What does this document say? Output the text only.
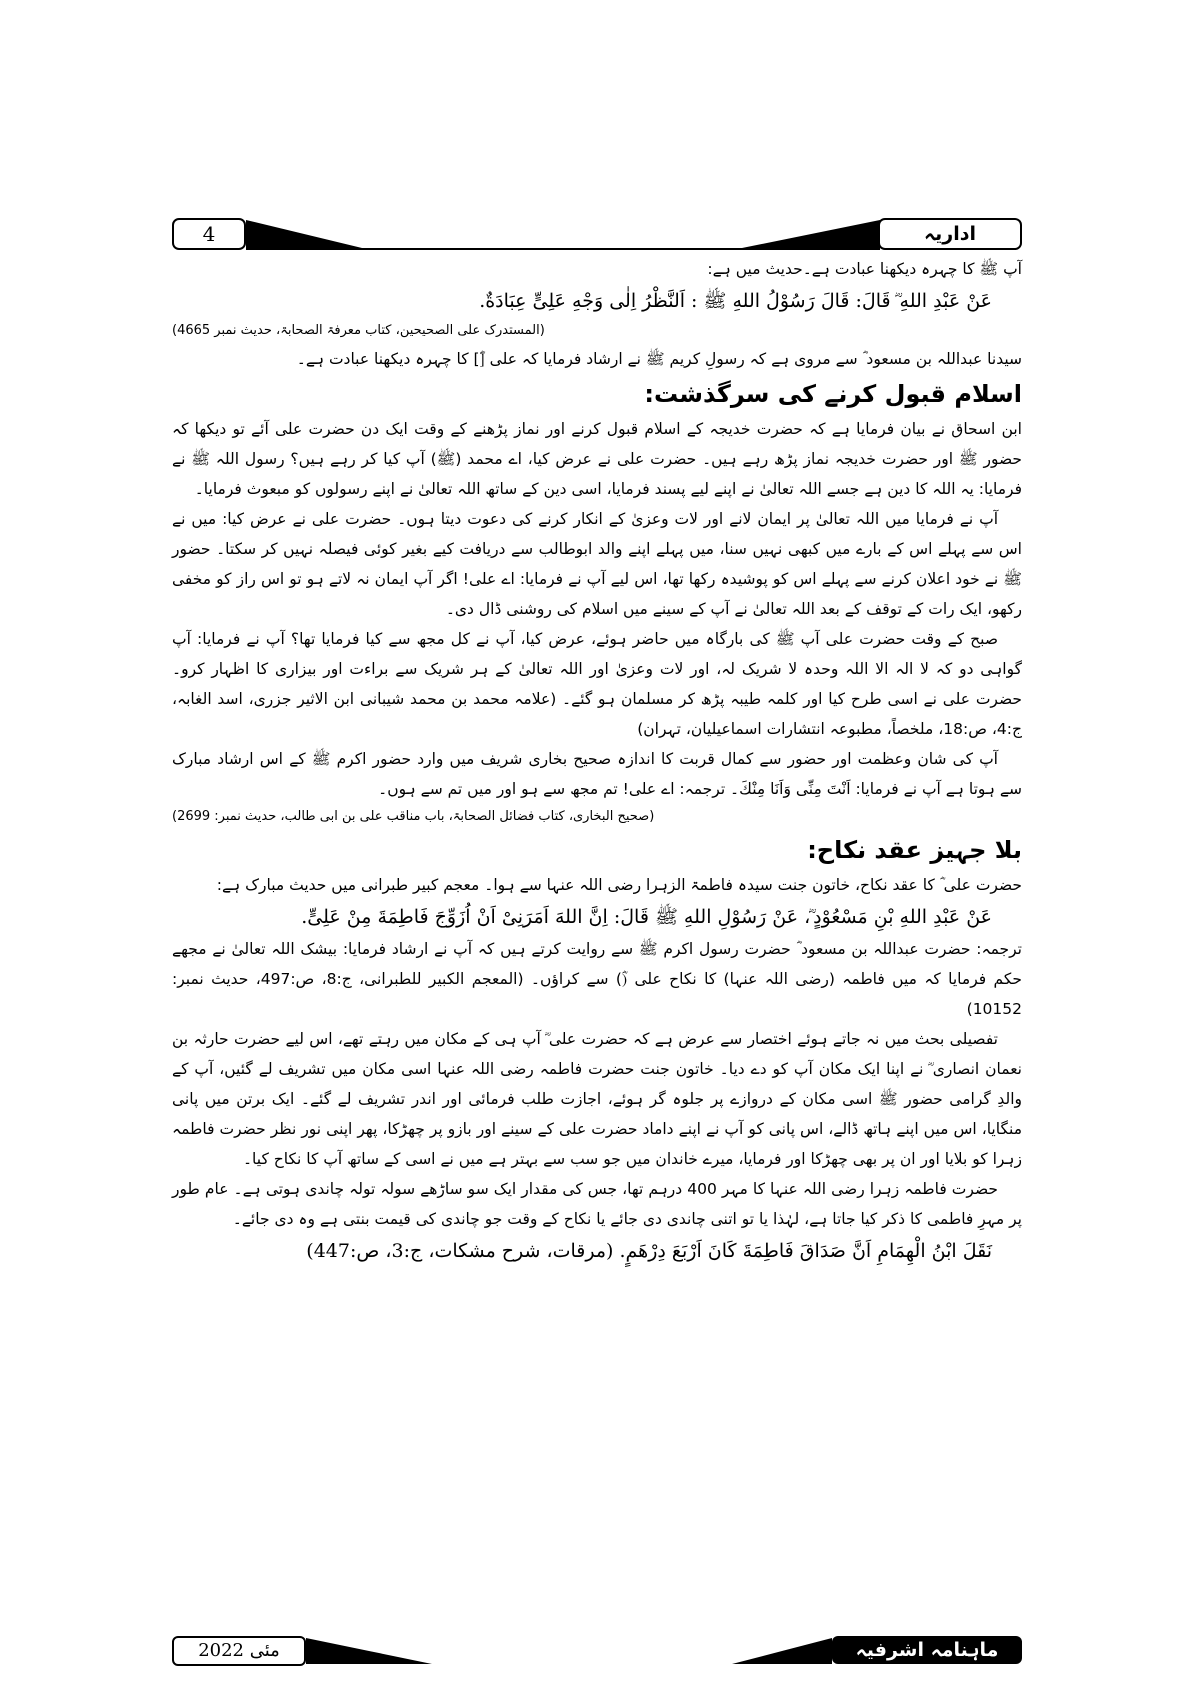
4	اداریہ

آپ ﷺ کا چہرہ دیکھنا عبادت ہے۔حدیث میں ہے:

عَنْ عَبْدِ اللهِ ؓ قَالَ: قَالَ رَسُوْلُ اللهِ ﷺ : اَلنَّظْرُ اِلٰی وَجْهِ عَلِیٍّ عِبَادَةٌ.

(المستدرک علی الصحیحین، کتاب معرفۃ الصحابۃ، حدیث نمبر 4665)

سیدنا عبداللہ بن مسعود ؓ سے مروی ہے کہ رسولِ کریم ﷺ نے ارشاد فرمایا کہ علی [ؓ] کا چہرہ دیکھنا عبادت ہے۔

اسلام قبول کرنے کی سرگذشت:

ابن اسحاق نے بیان فرمایا ہے کہ حضرت خدیجہ کے اسلام قبول کرنے اور نماز پڑھنے کے وقت ایک دن حضرت علی آئے تو دیکھا کہ حضور ﷺ اور حضرت خدیجہ نماز پڑھ رہے ہیں۔ حضرت علی نے عرض کیا، اے محمد (ﷺ) آپ کیا کر رہے ہیں؟ رسول اللہ ﷺ نے فرمایا: یہ اللہ کا دین ہے جسے اللہ تعالیٰ نے اپنے لیے پسند فرمایا، اسی دین کے ساتھ اللہ تعالیٰ نے اپنے رسولوں کو مبعوث فرمایا۔

آپ نے فرمایا میں اللہ تعالیٰ پر ایمان لانے اور لات وعزیٰ کے انکار کرنے کی دعوت دیتا ہوں۔ حضرت علی نے عرض کیا: میں نے اس سے پہلے اس کے بارے میں کبھی نہیں سنا، میں پہلے اپنے والد ابوطالب سے دریافت کیے بغیر کوئی فیصلہ نہیں کر سکتا۔ حضور ﷺ نے خود اعلان کرنے سے پہلے اس کو پوشیدہ رکھا تھا، اس لیے آپ نے فرمایا: اے علی! اگر آپ ایمان نہ لاتے ہو تو اس راز کو مخفی رکھو، ایک رات کے توقف کے بعد اللہ تعالیٰ نے آپ کے سینے میں اسلام کی روشنی ڈال دی۔

صبح کے وقت حضرت علی آپ ﷺ کی بارگاہ میں حاضر ہوئے، عرض کیا، آپ نے کل مجھ سے کیا فرمایا تھا؟ آپ نے فرمایا: آپ گواہی دو کہ لا الہ الا اللہ وحدہ لا شریک لہ، اور لات وعزیٰ اور اللہ تعالیٰ کے ہر شریک سے براءت اور بیزاری کا اظہار کرو۔ حضرت علی نے اسی طرح کیا اور کلمہ طیبہ پڑھ کر مسلمان ہو گئے۔ (علامہ محمد بن محمد شیبانی ابن الاثیر جزری، اسد الغابہ، ج:4، ص:18، ملخصاً، مطبوعہ انتشارات اسماعیلیان، تہران)

آپ کی شان وعظمت اور حضور سے کمال قربت کا اندازہ صحیح بخاری شریف میں وارد حضور اکرم ﷺ کے اس ارشاد مبارک سے ہوتا ہے آپ نے فرمایا: اَنْتَ مِنِّی وَاَنَا مِنْكَ۔ ترجمہ: اے علی! تم مجھ سے ہو اور میں تم سے ہوں۔

(صحیح البخاری، کتاب فضائل الصحابۃ، باب مناقب علی بن ابی طالب، حدیث نمبر: 2699)

بلا جہیز عقد نکاح:

حضرت علی ؓ کا عقد نکاح، خاتون جنت سیدہ فاطمۃ الزہرا رضی اللہ عنہا سے ہوا۔ معجم کبیر طبرانی میں حدیث مبارک ہے:

عَنْ عَبْدِ اللهِ بْنِ مَسْعُوْدٍ ؓ، عَنْ رَسُوْلِ اللهِ ﷺ قَالَ: اِنَّ اللهَ اَمَرَنِیْ اَنْ اُزَوِّجَ فَاطِمَةَ مِنْ عَلِیٍّ.

ترجمہ: حضرت عبداللہ بن مسعود ؓ حضرت رسول اکرم ﷺ سے روایت کرتے ہیں کہ آپ نے ارشاد فرمایا: بیشک اللہ تعالیٰ نے مجھے حکم فرمایا کہ میں فاطمہ (رضی اللہ عنہا) کا نکاح علی (ؓ) سے کراؤں۔ (المعجم الکبیر للطبرانی، ج:8، ص:497، حدیث نمبر: 10152)

تفصیلی بحث میں نہ جاتے ہوئے اختصار سے عرض ہے کہ حضرت علی ؓ آپ ہی کے مکان میں رہتے تھے، اس لیے حضرت حارثہ بن نعمان انصاری ؓ نے اپنا ایک مکان آپ کو دے دیا۔ خاتون جنت حضرت فاطمہ رضی اللہ عنہا اسی مکان میں تشریف لے گئیں، آپ کے والدِ گرامی حضور ﷺ اسی مکان کے دروازے پر جلوہ گر ہوئے، اجازت طلب فرمائی اور اندر تشریف لے گئے۔ ایک برتن میں پانی منگایا، اس میں اپنے ہاتھ ڈالے، اس پانی کو آپ نے اپنے داماد حضرت علی کے سینے اور بازو پر چھڑکا، پھر اپنی نور نظر حضرت فاطمہ زہرا کو بلایا اور ان پر بھی چھڑکا اور فرمایا، میرے خاندان میں جو سب سے بہتر ہے میں نے اسی کے ساتھ آپ کا نکاح کیا۔

حضرت فاطمہ زہرا رضی اللہ عنہا کا مہر 400 درہم تھا، جس کی مقدار ایک سو ساڑھے سولہ تولہ چاندی ہوتی ہے۔ عام طور پر مہرِ فاطمی کا ذکر کیا جاتا ہے، لہٰذا یا تو اتنی چاندی دی جائے یا نکاح کے وقت جو چاندی کی قیمت بنتی ہے وہ دی جائے۔

نَقَلَ ابْنُ الْهِمَامِ اَنَّ صَدَاقَ فَاطِمَةَ كَانَ اَرْبَعَ دِرْهَمٍ. (مرقات، شرح مشکات، ج:3، ص:447)

مئی 2022	ماہنامہ اشرفیہ
